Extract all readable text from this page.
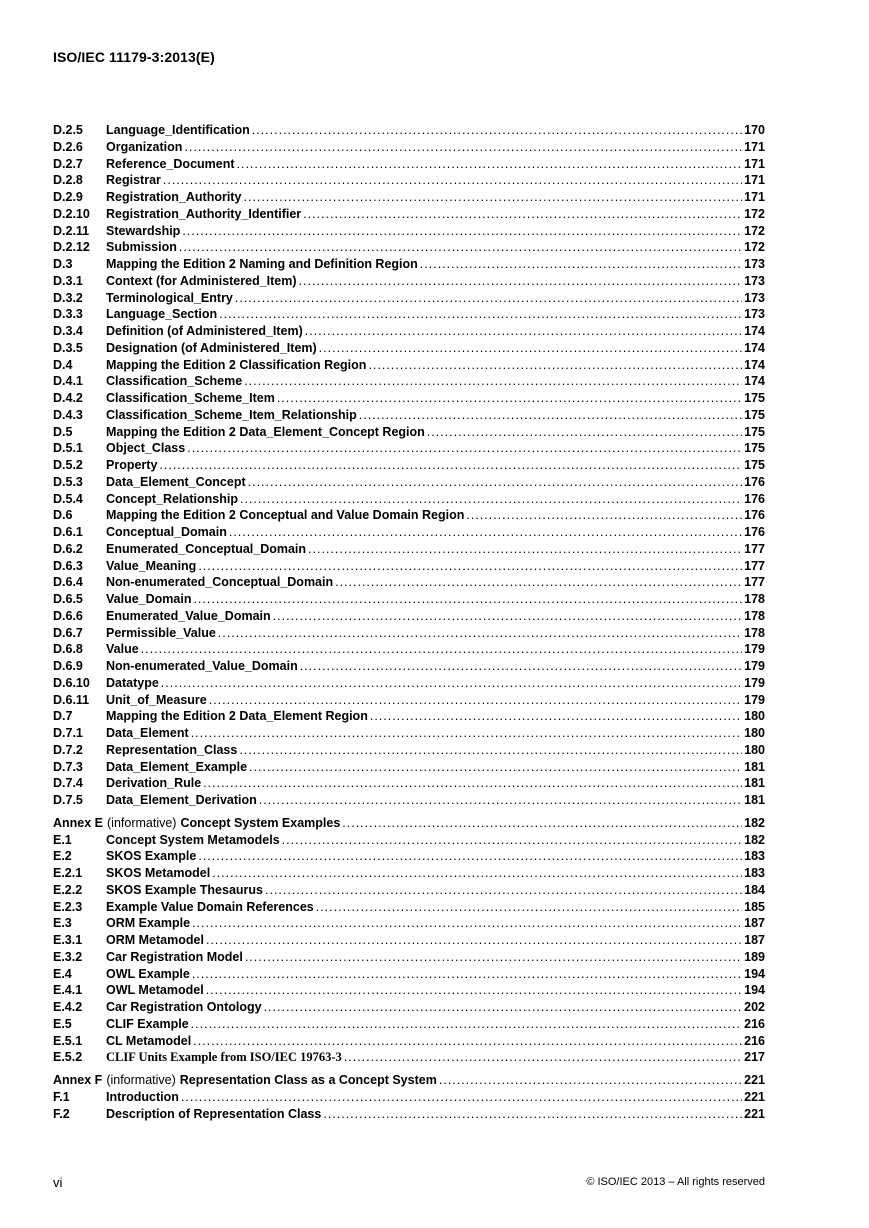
ISO/IEC 11179-3:2013(E)
D.2.5	Language_Identification .....	170
D.2.6	Organization .....	171
D.2.7	Reference_Document .....	171
D.2.8	Registrar .....	171
D.2.9	Registration_Authority .....	171
D.2.10	Registration_Authority_Identifier .....	172
D.2.11	Stewardship .....	172
D.2.12	Submission .....	172
D.3	Mapping the Edition 2 Naming and Definition Region .....	173
D.3.1	Context (for Administered_Item) .....	173
D.3.2	Terminological_Entry .....	173
D.3.3	Language_Section .....	173
D.3.4	Definition (of Administered_Item) .....	174
D.3.5	Designation (of Administered_Item) .....	174
D.4	Mapping the Edition 2 Classification Region .....	174
D.4.1	Classification_Scheme .....	174
D.4.2	Classification_Scheme_Item .....	175
D.4.3	Classification_Scheme_Item_Relationship .....	175
D.5	Mapping the Edition 2 Data_Element_Concept Region .....	175
D.5.1	Object_Class .....	175
D.5.2	Property .....	175
D.5.3	Data_Element_Concept .....	176
D.5.4	Concept_Relationship .....	176
D.6	Mapping the Edition 2 Conceptual and Value Domain Region .....	176
D.6.1	Conceptual_Domain .....	176
D.6.2	Enumerated_Conceptual_Domain .....	177
D.6.3	Value_Meaning .....	177
D.6.4	Non-enumerated_Conceptual_Domain .....	177
D.6.5	Value_Domain .....	178
D.6.6	Enumerated_Value_Domain .....	178
D.6.7	Permissible_Value .....	178
D.6.8	Value .....	179
D.6.9	Non-enumerated_Value_Domain .....	179
D.6.10	Datatype .....	179
D.6.11	Unit_of_Measure .....	179
D.7	Mapping the Edition 2 Data_Element Region .....	180
D.7.1	Data_Element .....	180
D.7.2	Representation_Class .....	180
D.7.3	Data_Element_Example .....	181
D.7.4	Derivation_Rule .....	181
D.7.5	Data_Element_Derivation .....	181
Annex E (informative) Concept System Examples .....	182
E.1	Concept System Metamodels .....	182
E.2	SKOS Example .....	183
E.2.1	SKOS Metamodel .....	183
E.2.2	SKOS Example Thesaurus .....	184
E.2.3	Example Value Domain References .....	185
E.3	ORM Example .....	187
E.3.1	ORM Metamodel .....	187
E.3.2	Car Registration Model .....	189
E.4	OWL Example .....	194
E.4.1	OWL Metamodel .....	194
E.4.2	Car Registration Ontology .....	202
E.5	CLIF Example .....	216
E.5.1	CL Metamodel .....	216
E.5.2	CLIF Units Example from ISO/IEC 19763-3 .....	217
Annex F (informative) Representation Class as a Concept System .....	221
F.1	Introduction .....	221
F.2	Description of Representation Class .....	221
vi	© ISO/IEC 2013 – All rights reserved
